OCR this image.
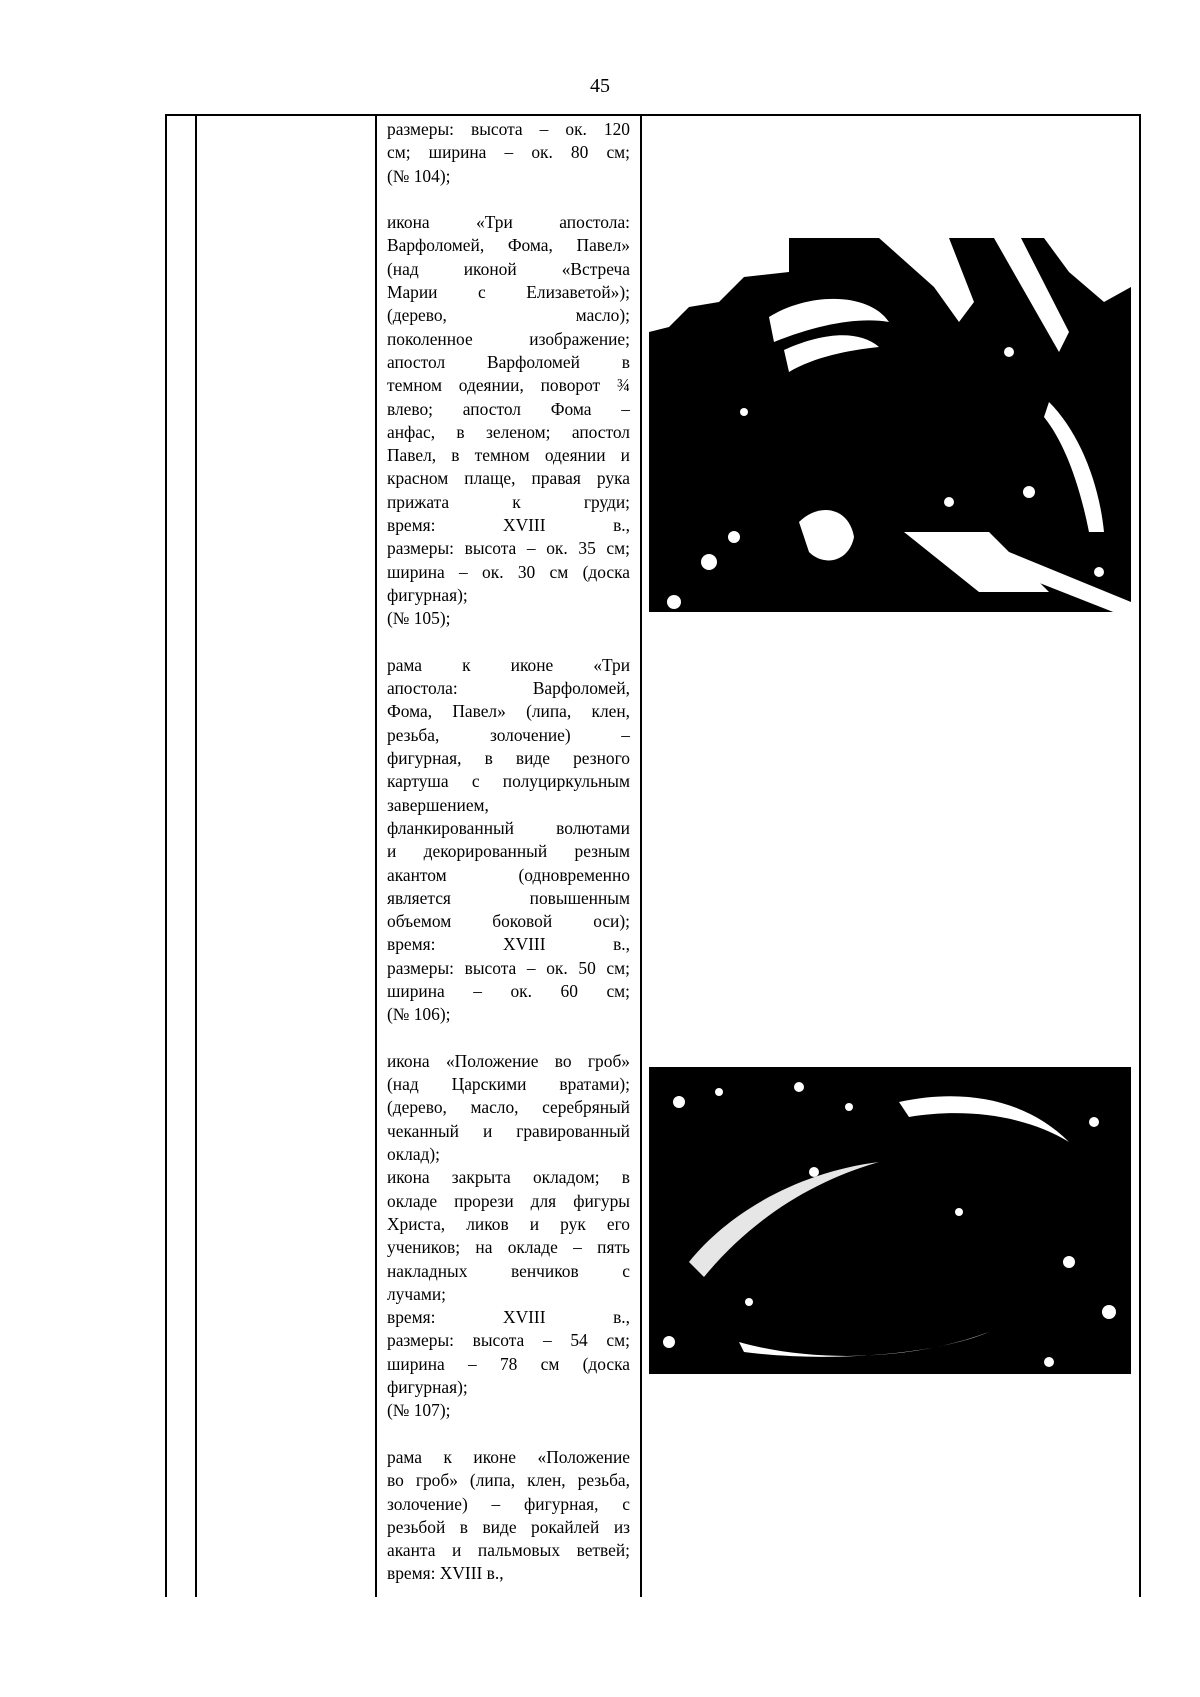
45
размеры: высота – ок. 120
см; ширина – ок. 80 см;
(№ 104);
икона «Три апостола:
Варфоломей, Фома, Павел»
(над иконой «Встреча
Марии с Елизаветой»);
(дерево, масло);
поколенное изображение;
апостол Варфоломей в
темном одеянии, поворот ¾
влево; апостол Фома –
анфас, в зеленом; апостол
Павел, в темном одеянии и
красном плаще, правая рука
прижата к груди;
время: XVIII в.,
размеры: высота – ок. 35 см;
ширина – ок. 30 см (доска
фигурная);
(№ 105);
рама к иконе «Три
апостола: Варфоломей,
Фома, Павел» (липа, клен,
резьба, золочение) –
фигурная, в виде резного
картуша с полуциркульным
завершением,
фланкированный волютами
и декорированный резным
акантом (одновременно
является повышенным
объемом боковой оси);
время: XVIII в.,
размеры: высота – ок. 50 см;
ширина – ок. 60 см;
(№ 106);
икона «Положение во гроб»
(над Царскими вратами);
(дерево, масло, серебряный
чеканный и гравированный
оклад);
икона закрыта окладом; в
окладе прорези для фигуры
Христа, ликов и рук его
учеников; на окладе – пять
накладных венчиков с
лучами;
время: XVIII в.,
размеры: высота – 54 см;
ширина – 78 см (доска
фигурная);
(№ 107);
рама к иконе «Положение
во гроб» (липа, клен, резьба,
золочение) – фигурная, с
резьбой в виде рокайлей из
аканта и пальмовых ветвей;
время: XVIII в.,
